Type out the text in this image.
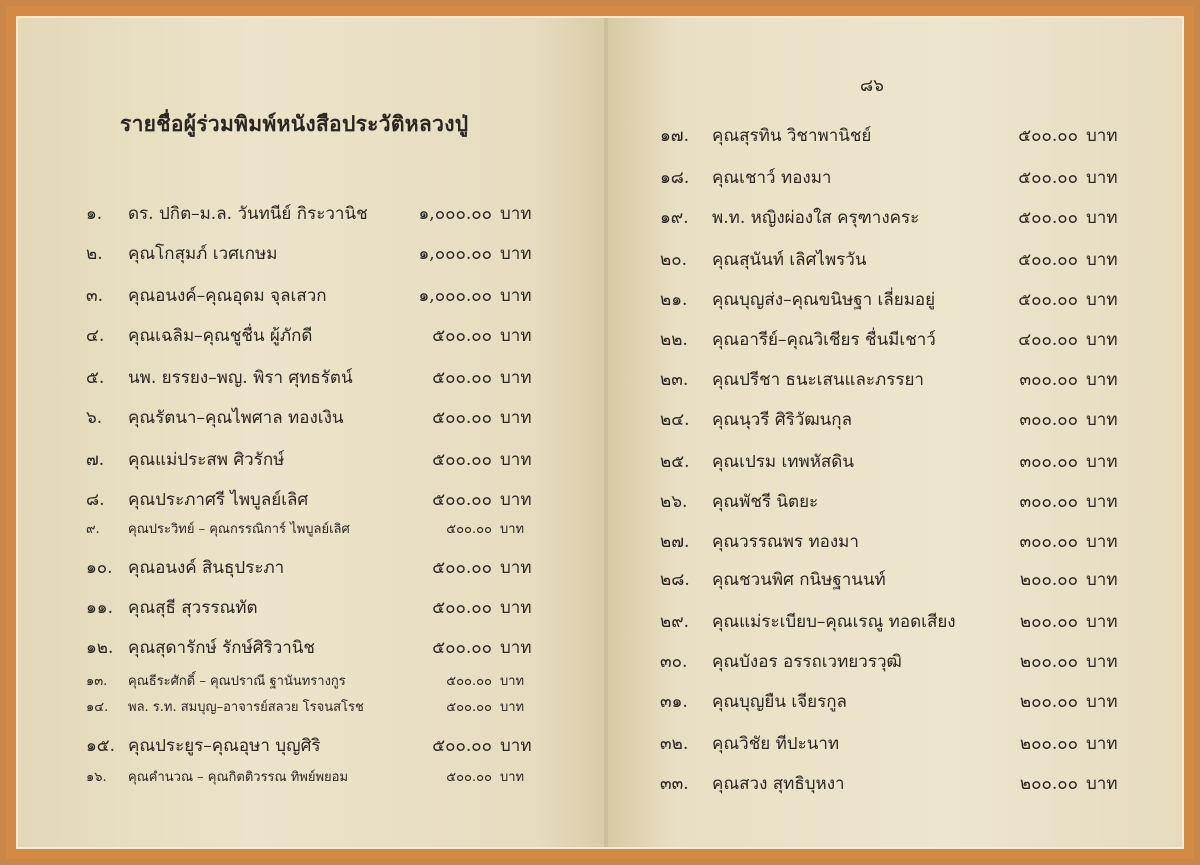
รายชื่อผู้ร่วมพิมพ์หนังสือประวัติหลวงปู่
๘๖
๑. ดร. ปกิต–ม.ล. วันทนีย์ กิระวานิช	๑,๐๐๐.๐๐ บาท
๒. คุณโกสุมภ์ เวศเกษม	๑,๐๐๐.๐๐ บาท
๓. คุณอนงค์–คุณอุดม จุลเสวก	๑,๐๐๐.๐๐ บาท
๔. คุณเฉลิม–คุณชูชื่น ผู้ภักดี	๕๐๐.๐๐ บาท
๕. นพ. ยรรยง–พญ. พิรา ศุทธรัตน์	๕๐๐.๐๐ บาท
๖. คุณรัตนา–คุณไพศาล ทองเงิน	๕๐๐.๐๐ บาท
๗. คุณแม่ประสพ ศิวรักษ์	๕๐๐.๐๐ บาท
๘. คุณประภาศรี ไพบูลย์เลิศ	๕๐๐.๐๐ บาท
๙. คุณประวิทย์ – คุณกรรณิการ์ ไพบูลย์เลิศ	๕๐๐.๐๐ บาท
๑๐. คุณอนงค์ สินธุประภา	๕๐๐.๐๐ บาท
๑๑. คุณสุธี สุวรรณทัต	๕๐๐.๐๐ บาท
๑๒. คุณสุดารักษ์ รักษ์ศิริวานิช	๕๐๐.๐๐ บาท
๑๓. คุณธีระศักดิ์ – คุณปราณี ฐานันทรางกูร	๕๐๐.๐๐ บาท
๑๔. พล. ร.ท. สมบุญ–อาจารย์สลวย โรจนสโรช	๕๐๐.๐๐ บาท
๑๕. คุณประยูร–คุณอุษา บุญศิริ	๕๐๐.๐๐ บาท
๑๖. คุณคำนวณ – คุณกิตติวรรณ ทิพย์พยอม	๕๐๐.๐๐ บาท
๑๗. คุณสุรทิน วิชาพานิชย์	๕๐๐.๐๐ บาท
๑๘. คุณเชาว์ ทองมา	๕๐๐.๐๐ บาท
๑๙. พ.ท. หญิงผ่องใส ครุฑางคระ	๕๐๐.๐๐ บาท
๒๐. คุณสุนันท์ เลิศไพรวัน	๕๐๐.๐๐ บาท
๒๑. คุณบุญส่ง–คุณขนิษฐา เลี่ยมอยู่	๕๐๐.๐๐ บาท
๒๒. คุณอารีย์–คุณวิเชียร ชื่นมีเชาว์	๔๐๐.๐๐ บาท
๒๓. คุณปรีชา ธนะเสนและภรรยา	๓๐๐.๐๐ บาท
๒๔. คุณนุวรี ศิริวัฒนกุล	๓๐๐.๐๐ บาท
๒๕. คุณเปรม เทพหัสดิน	๓๐๐.๐๐ บาท
๒๖. คุณพัชรี นิตยะ	๓๐๐.๐๐ บาท
๒๗. คุณวรรณพร ทองมา	๓๐๐.๐๐ บาท
๒๘. คุณชวนพิศ กนิษฐานนท์	๒๐๐.๐๐ บาท
๒๙. คุณแม่ระเบียบ–คุณเรณู ทอดเสียง	๒๐๐.๐๐ บาท
๓๐. คุณบังอร อรรถเวทยวรวุฒิ	๒๐๐.๐๐ บาท
๓๑. คุณบุญยืน เจียรกูล	๒๐๐.๐๐ บาท
๓๒. คุณวิชัย ทีปะนาท	๒๐๐.๐๐ บาท
๓๓. คุณสวง สุทธิบุหงา	๒๐๐.๐๐ บาท
